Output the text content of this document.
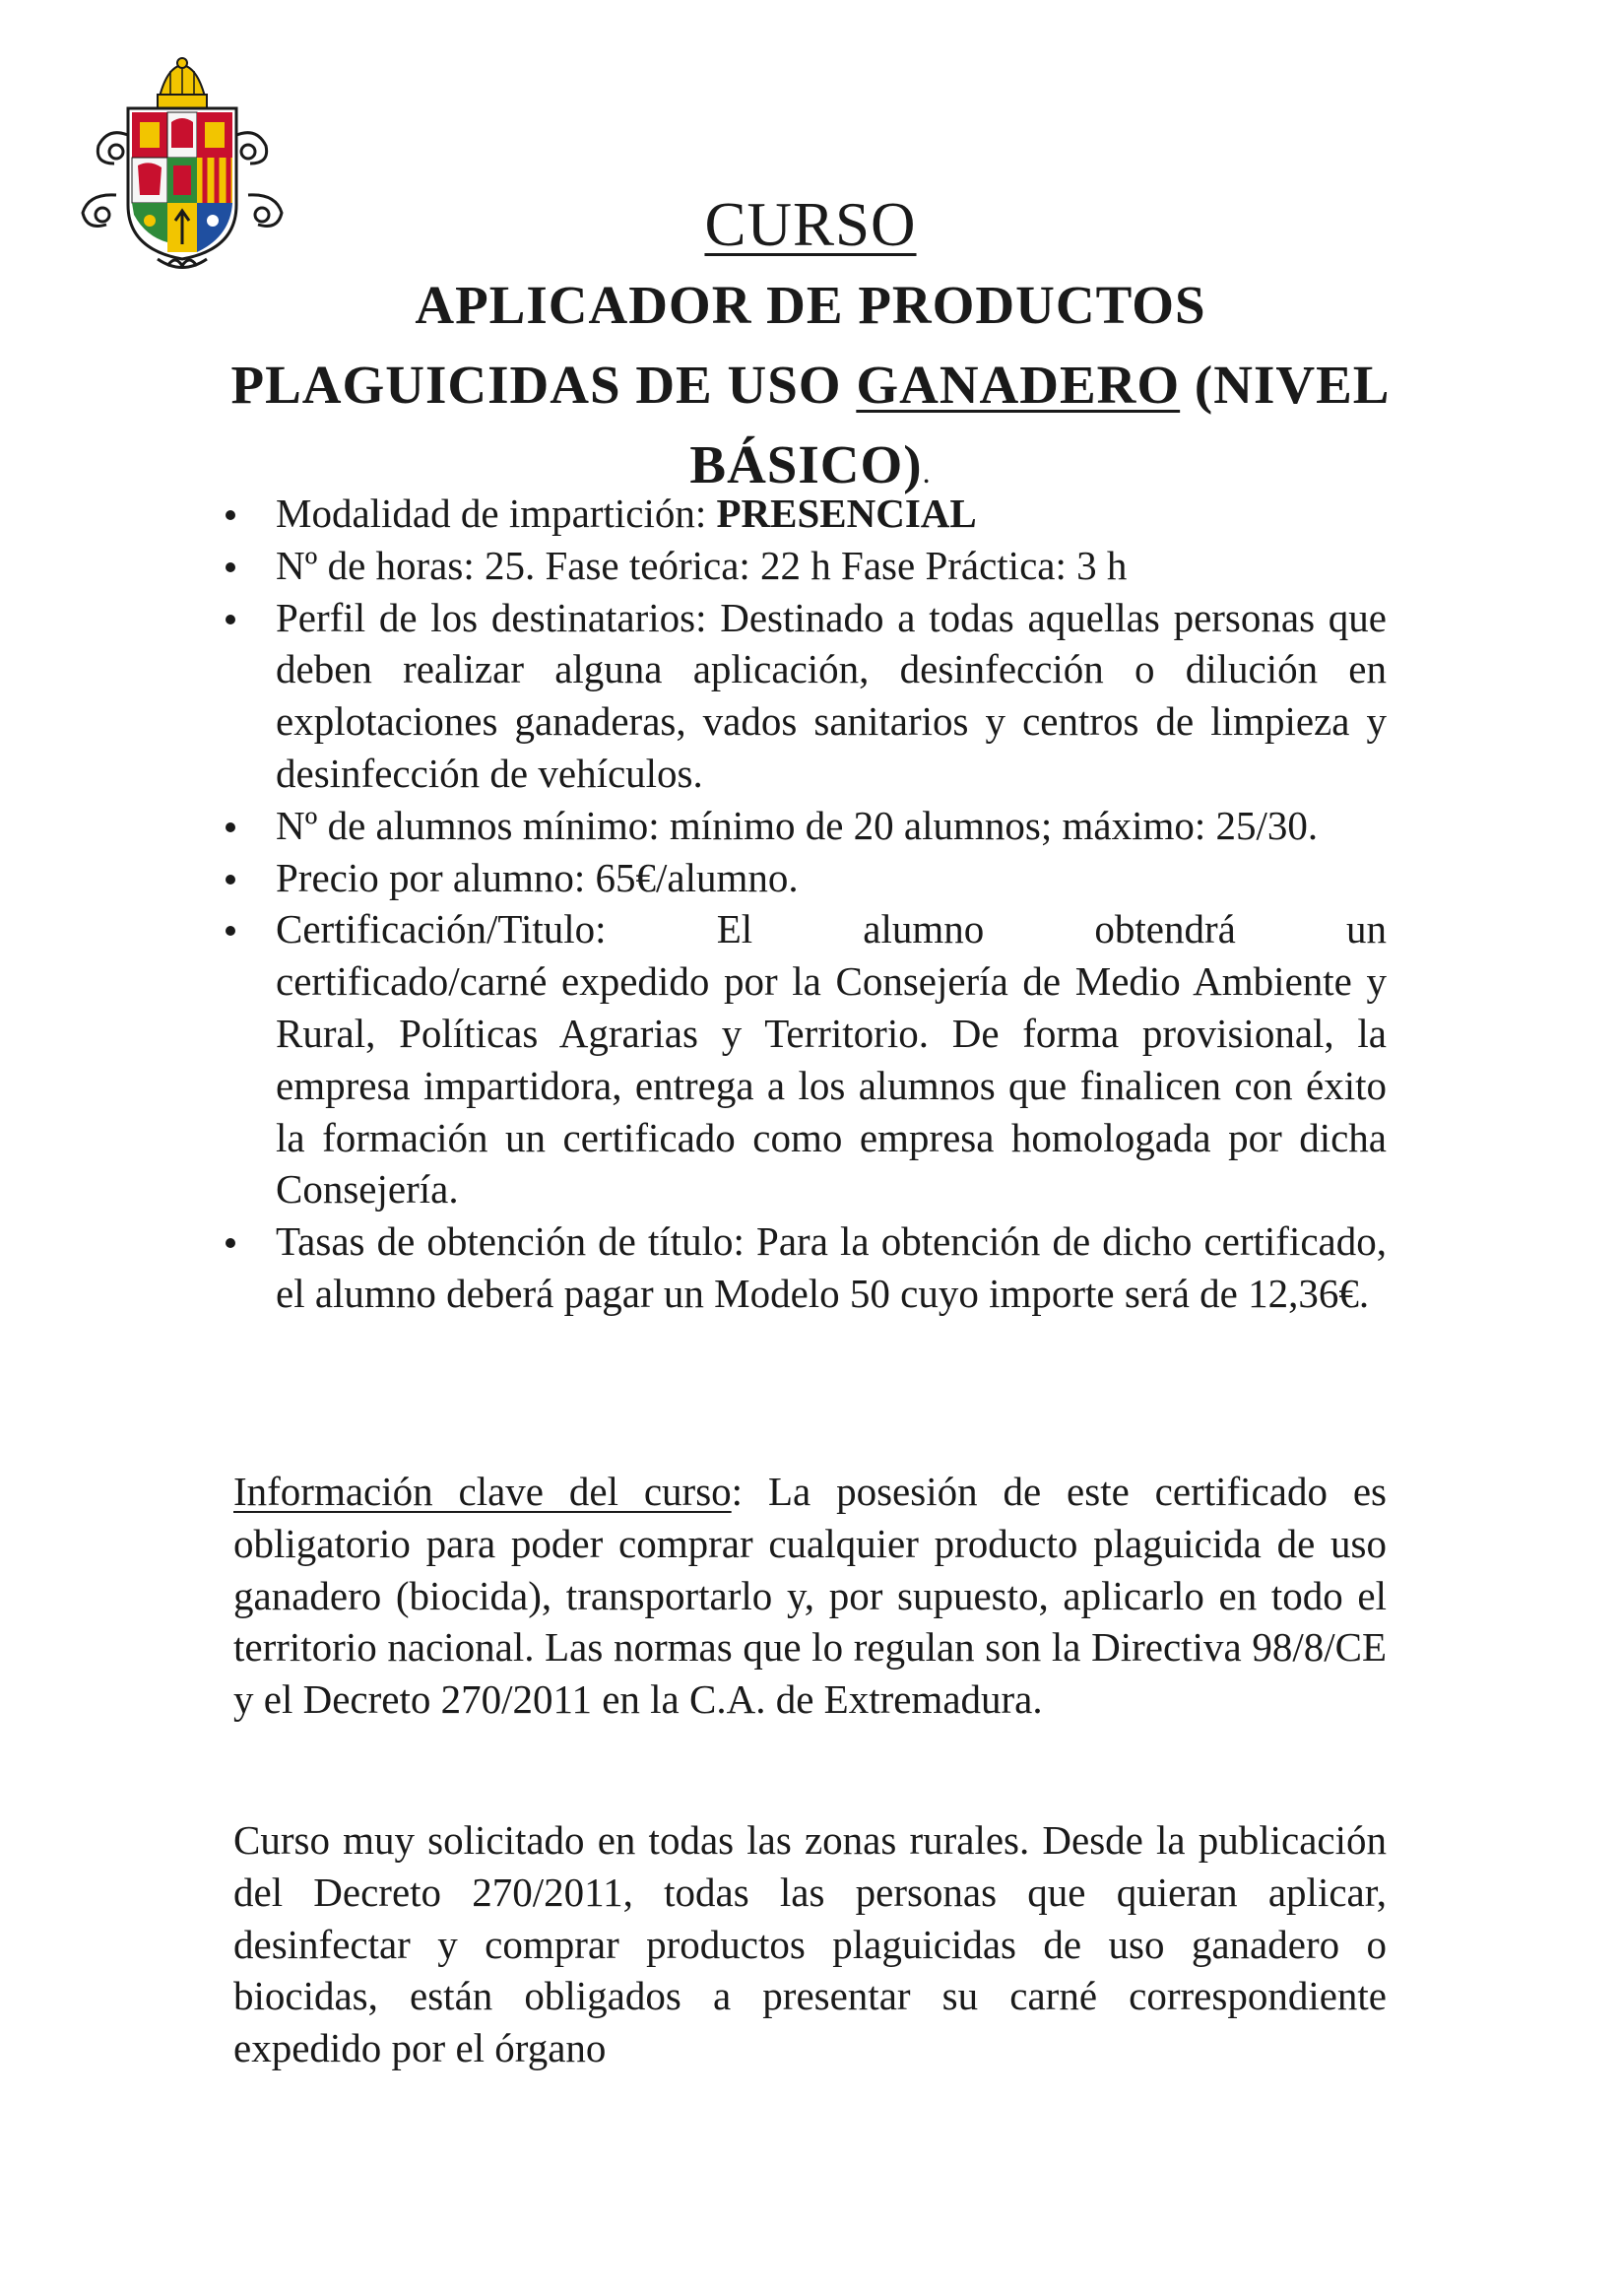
CURSO
APLICADOR DE PRODUCTOS
PLAGUICIDAS DE USO GANADERO (NIVEL
BÁSICO).
Modalidad de impartición: PRESENCIAL
Nº de horas: 25. Fase teórica: 22 h Fase Práctica: 3 h
Perfil de los destinatarios: Destinado a todas aquellas personas que deben realizar alguna aplicación, desinfección o dilución en explotaciones ganaderas, vados sanitarios y centros de limpieza y desinfección de vehículos.
Nº de alumnos mínimo: mínimo de 20 alumnos; máximo: 25/30.
Precio por alumno: 65€/alumno.
Certificación/Titulo:	El	alumno	obtendrá	un
certificado/carné expedido por la Consejería de Medio Ambiente y Rural, Políticas Agrarias y Territorio. De forma provisional, la empresa impartidora, entrega a los alumnos que finalicen con éxito la formación un certificado como empresa homologada por dicha Consejería.
Tasas de obtención de título: Para la obtención de dicho certificado, el alumno deberá pagar un Modelo 50 cuyo importe será de 12,36€.

Información clave del curso: La posesión de este certificado es obligatorio para poder comprar cualquier producto plaguicida de uso ganadero (biocida), transportarlo y, por supuesto, aplicarlo en todo el territorio nacional. Las normas que lo regulan son la Directiva 98/8/CE y el Decreto 270/2011 en la C.A. de Extremadura.

Curso muy solicitado en todas las zonas rurales. Desde la publicación del Decreto 270/2011, todas las personas que quieran aplicar, desinfectar y comprar productos plaguicidas de uso ganadero o biocidas, están obligados a presentar su carné correspondiente expedido por el órgano
